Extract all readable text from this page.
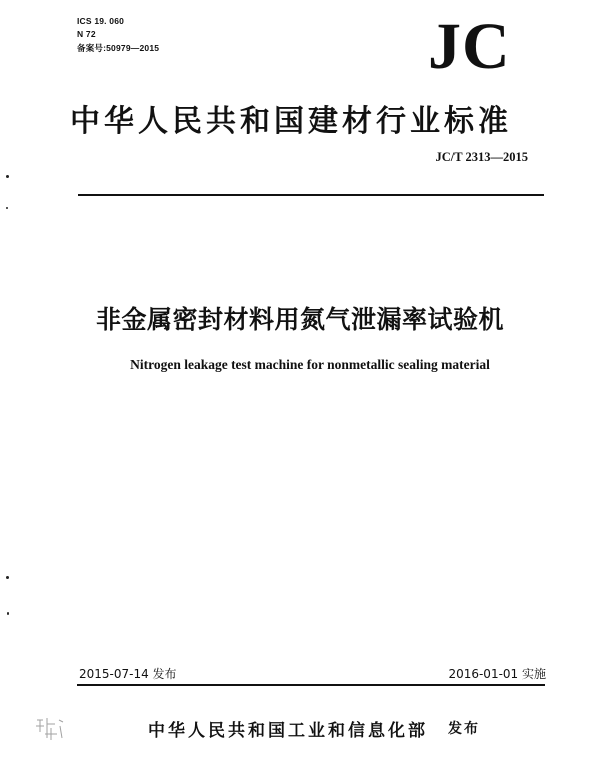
ICS 19. 060
N 72
备案号:50979—2015	JC
中华人民共和国建材行业标准
JC/T 2313—2015
非金属密封材料用氮气泄漏率试验机
Nitrogen leakage test machine for nonmetallic sealing material
2015-07-14 发布	2016-01-01 实施
中华人民共和国工业和信息化部 发布
